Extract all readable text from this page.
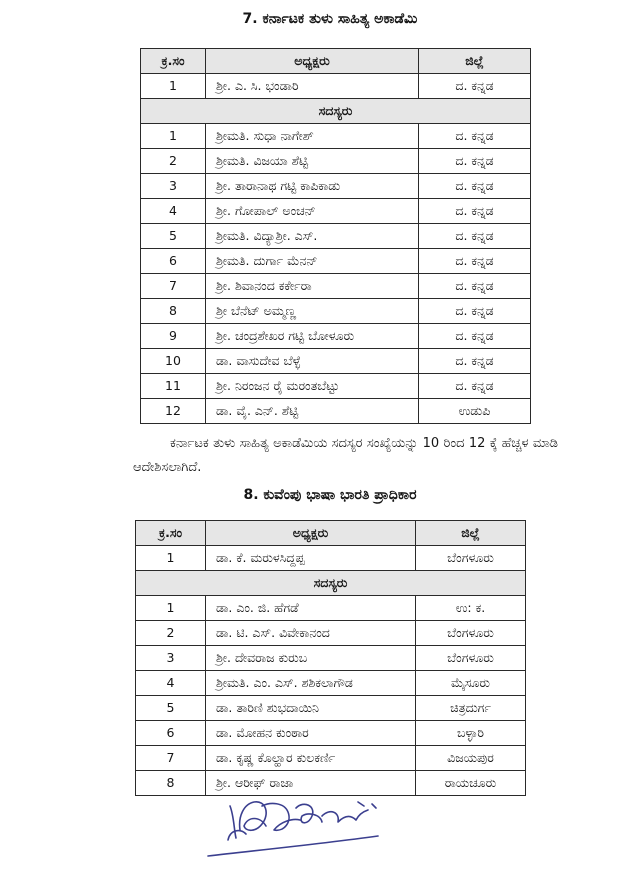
7. ಕರ್ನಾಟಕ ತುಳು ಸಾಹಿತ್ಯ ಅಕಾಡೆಮಿ
ಕ್ರ.ಸಂ	ಅಧ್ಯಕ್ಷರು	ಜಿಲ್ಲೆ
1	ಶ್ರೀ. ಎ. ಸಿ. ಭಂಡಾರಿ	ದ. ಕನ್ನಡ
ಸದಸ್ಯರು		
1	ಶ್ರೀಮತಿ. ಸುಧಾ ನಾಗೇಶ್	ದ. ಕನ್ನಡ
2	ಶ್ರೀಮತಿ. ವಿಜಯಾ ಶೆಟ್ಟಿ	ದ. ಕನ್ನಡ
3	ಶ್ರೀ. ತಾರಾನಾಥ ಗಟ್ಟಿ ಕಾಪಿಕಾಡು	ದ. ಕನ್ನಡ
4	ಶ್ರೀ. ಗೋಪಾಲ್ ಅಂಚನ್	ದ. ಕನ್ನಡ
5	ಶ್ರೀಮತಿ. ವಿದ್ಯಾಶ್ರೀ. ಎಸ್.	ದ. ಕನ್ನಡ
6	ಶ್ರೀಮತಿ. ದುರ್ಗಾ ಮೆನನ್	ದ. ಕನ್ನಡ
7	ಶ್ರೀ. ಶಿವಾನಂದ ಕರ್ಕೇರಾ	ದ. ಕನ್ನಡ
8	ಶ್ರೀ ಬೆನೆಟ್ ಅಮ್ಮಣ್ಣ	ದ. ಕನ್ನಡ
9	ಶ್ರೀ. ಚಂದ್ರಶೇಖರ ಗಟ್ಟಿ ಬೋಳೂರು	ದ. ಕನ್ನಡ
10	ಡಾ. ವಾಸುದೇವ ಬೆಳ್ಳೆ	ದ. ಕನ್ನಡ
11	ಶ್ರೀ. ನಿರಂಜನ ರೈ ಮರಂತಬೆಟ್ಟು	ದ. ಕನ್ನಡ
12	ಡಾ. ವೈ. ಎನ್. ಶೆಟ್ಟಿ	ಉಡುಪಿ

ಕರ್ನಾಟಕ ತುಳು ಸಾಹಿತ್ಯ ಅಕಾಡೆಮಿಯ ಸದಸ್ಯರ ಸಂಖ್ಯೆಯನ್ನು 10 ರಿಂದ 12 ಕ್ಕೆ ಹೆಚ್ಚಳ ಮಾಡಿ ಆದೇಶಿಸಲಾಗಿದೆ.

8. ಕುವೆಂಪು ಭಾಷಾ ಭಾರತಿ ಪ್ರಾಧಿಕಾರ
ಕ್ರ.ಸಂ	ಅಧ್ಯಕ್ಷರು	ಜಿಲ್ಲೆ
1	ಡಾ. ಕೆ. ಮರುಳಸಿದ್ದಪ್ಪ	ಬೆಂಗಳೂರು
ಸದಸ್ಯರು		
1	ಡಾ. ಎಂ. ಜಿ. ಹೆಗಡೆ	ಉ: ಕ.
2	ಡಾ. ಟಿ. ಎಸ್. ವಿವೇಕಾನಂದ	ಬೆಂಗಳೂರು
3	ಶ್ರೀ. ದೇವರಾಜ ಕುರುಬ	ಬೆಂಗಳೂರು
4	ಶ್ರೀಮತಿ. ಎಂ. ಎಸ್. ಶಶಿಕಲಾಗೌಡ	ಮೈಸೂರು
5	ಡಾ. ತಾರಿಣಿ ಶುಭದಾಯಿನಿ	ಚಿತ್ರದುರ್ಗ
6	ಡಾ. ಮೋಹನ ಕುಂಠಾರ	ಬಳ್ಳಾರಿ
7	ಡಾ. ಕೃಷ್ಣ ಕೊಲ್ಹಾರ ಕುಲಕರ್ಣಿ	ವಿಜಯಪುರ
8	ಶ್ರೀ. ಆರೀಫ್ ರಾಜಾ	ರಾಯಚೂರು
